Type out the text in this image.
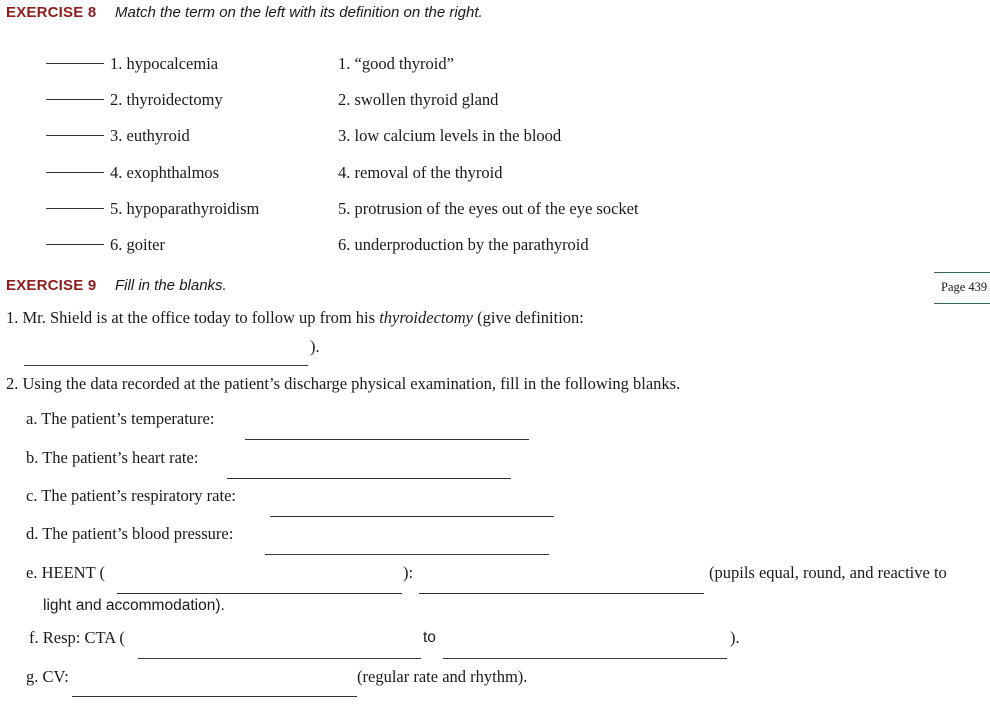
EXERCISE 8 Match the term on the left with its definition on the right.
1. hypocalcemia	1. “good thyroid”
2. thyroidectomy	2. swollen thyroid gland
3. euthyroid	3. low calcium levels in the blood
4. exophthalmos	4. removal of the thyroid
5. hypoparathyroidism	5. protrusion of the eyes out of the eye socket
6. goiter	6. underproduction by the parathyroid
EXERCISE 9 Fill in the blanks.	Page 439
1. Mr. Shield is at the office today to follow up from his thyroidectomy (give definition:
).
2. Using the data recorded at the patient’s discharge physical examination, fill in the following blanks.
a. The patient’s temperature:
b. The patient’s heart rate:
c. The patient’s respiratory rate:
d. The patient’s blood pressure:
e. HEENT (	):	(pupils equal, round, and reactive to
light and accommodation).
f. Resp: CTA (	to	).
g. CV:	(regular rate and rhythm).
